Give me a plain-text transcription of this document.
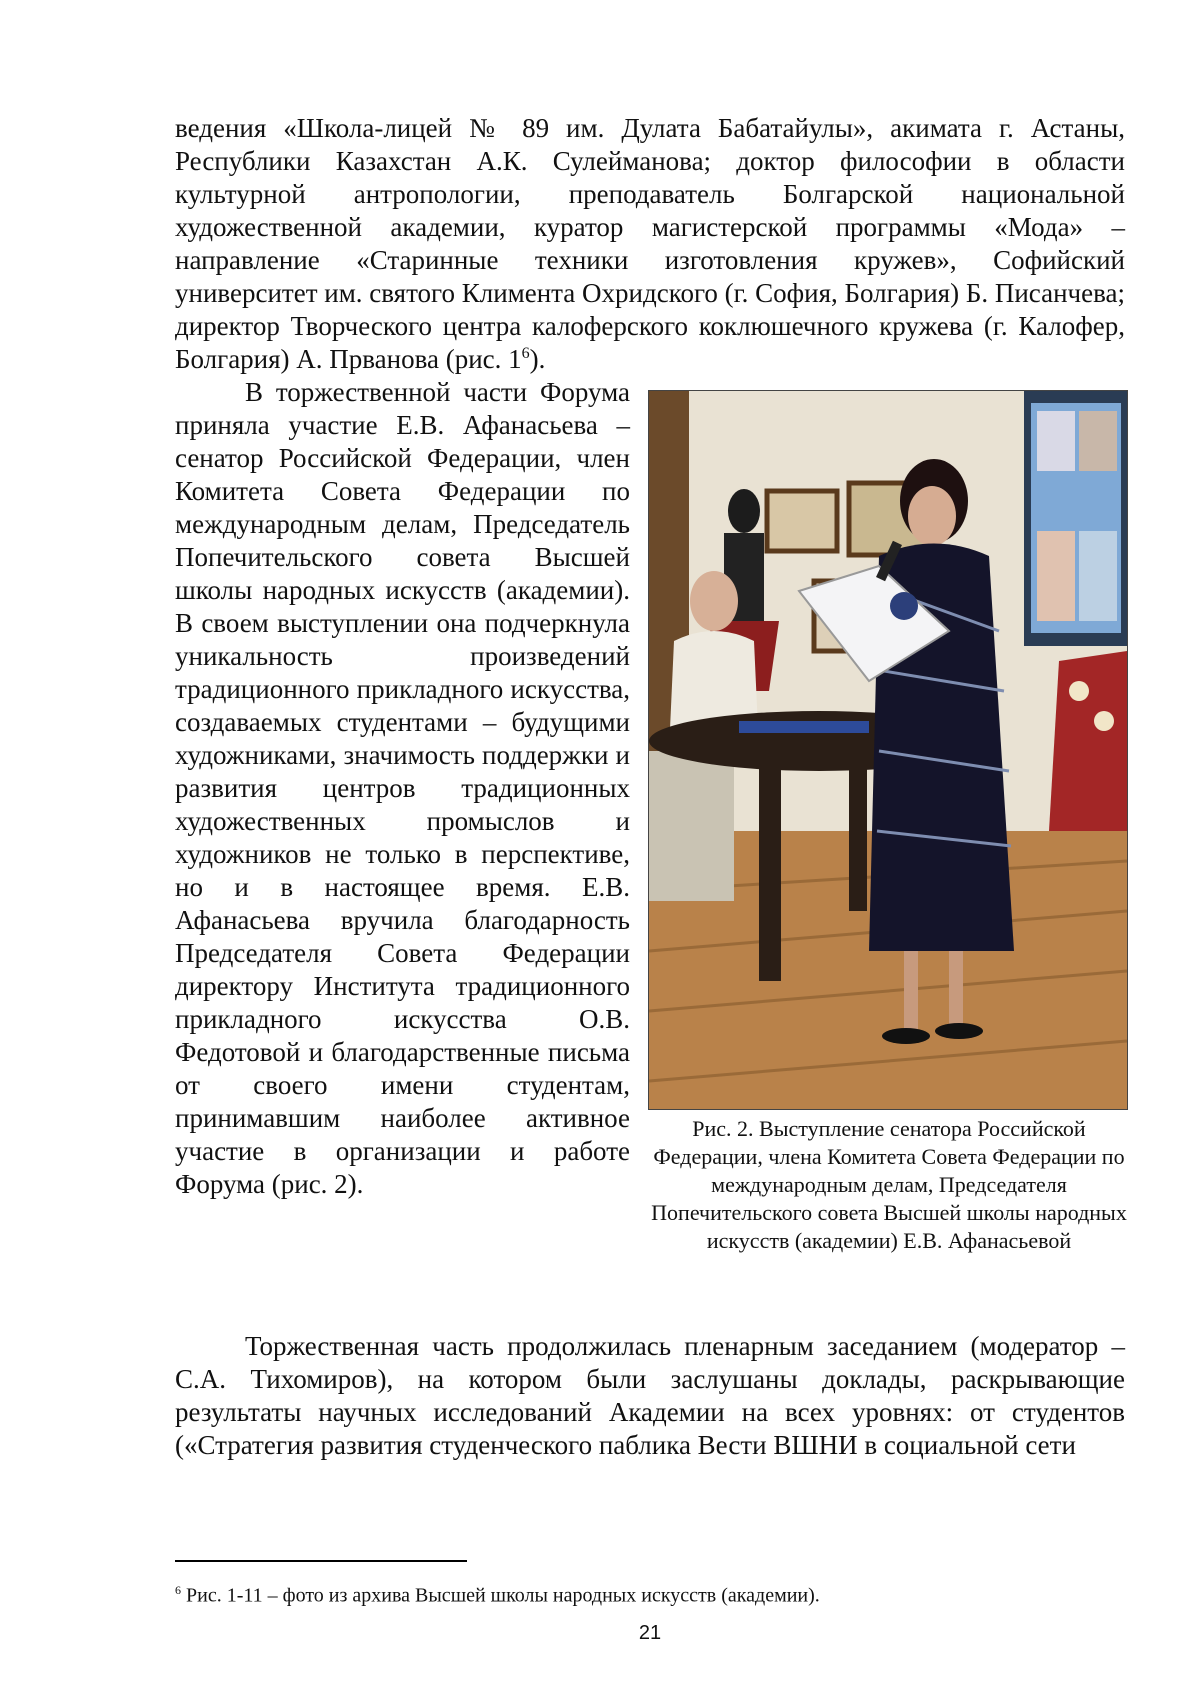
ведения «Школа-лицей № 89 им. Дулата Бабатайулы», акимата г. Астаны, Республики Казахстан А.К. Сулейманова; доктор философии в области культурной антропологии, преподаватель Болгарской национальной художественной академии, куратор магистерской программы «Мода» – направление «Старинные техники изготовления кружев», Софийский университет им. святого Климента Охридского (г. София, Болгария) Б. Писанчева; директор Творческого центра калоферского коклюшечного кружева (г. Калофер, Болгария) А. Прванова (рис. $1^6$).

В торжественной части Форума приняла участие Е.В. Афанасьева – сенатор Российской Федерации, член Комитета Совета Федерации по международным делам, Председатель Попечительского совета Высшей школы народных искусств (академии). В своем выступлении она подчеркнула уникальность произведений традиционного прикладного искусства, создаваемых студентами – будущими художниками, значимость поддержки и развития центров традиционных художественных промыслов и художников не только в перспективе, но и в настоящее время. Е.В. Афанасьева вручила благодарность Председателя Совета Федерации директору Института традиционного прикладного искусства О.В. Федотовой и благодарственные письма от своего имени студентам, принимавшим наиболее активное участие в организации и работе Форума (рис. 2).

Рис. 2. Выступление сенатора Российской Федерации, члена Комитета Совета Федерации по международным делам, Председателя Попечительского совета Высшей школы народных искусств (академии) Е.В. Афанасьевой

Торжественная часть продолжилась пленарным заседанием (модератор – С.А. Тихомиров), на котором были заслушаны доклады, раскрывающие результаты научных исследований Академии на всех уровнях: от студентов («Стратегия развития студенческого паблика Вести ВШНИ в социальной сети

$^6$ Рис. 1-11 – фото из архива Высшей школы народных искусств (академии).

21
